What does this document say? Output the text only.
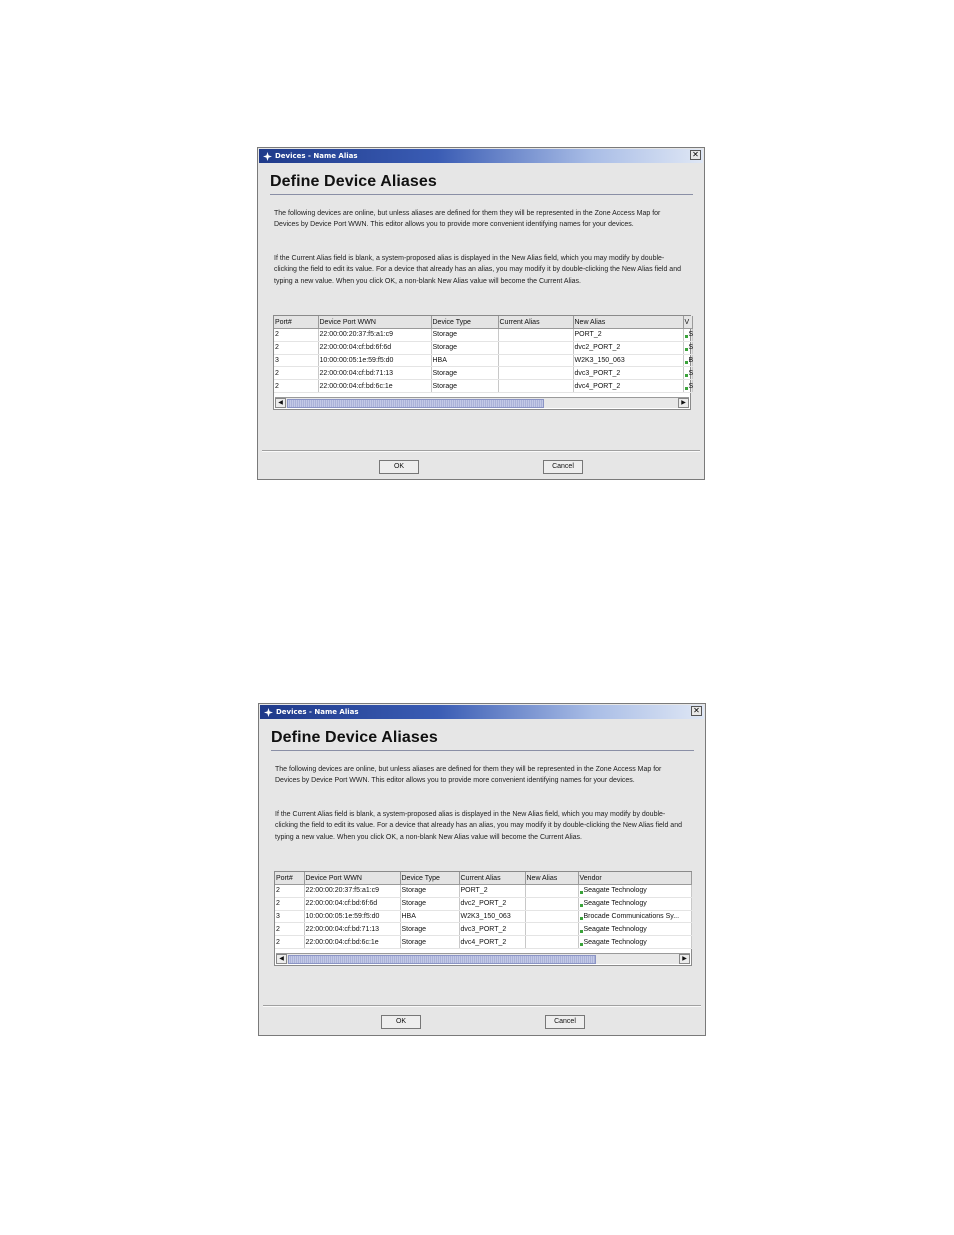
Devices - Name Alias	✕
Define Device Aliases
The following devices are online, but unless aliases are defined for them they will be represented in the Zone Access Map for Devices by Device Port WWN. This editor allows you to provide more convenient identifying names for your devices.
If the Current Alias field is blank, a system-proposed alias is displayed in the New Alias field, which you may modify by double-clicking the field to edit its value. For a device that already has an alias, you may modify it by double-clicking the New Alias field and typing a new value. When you click OK, a non-blank New Alias value will become the Current Alias.
Port#	Device Port WWN	Device Type	Current Alias	New Alias	V
2	22:00:00:20:37:f5:a1:c9	Storage		PORT_2	S
2	22:00:00:04:cf:bd:6f:6d	Storage		dvc2_PORT_2	S
3	10:00:00:05:1e:59:f5:d0	HBA		W2K3_150_063	B
2	22:00:00:04:cf:bd:71:13	Storage		dvc3_PORT_2	S
2	22:00:00:04:cf:bd:6c:1e	Storage		dvc4_PORT_2	S
◀	▶
OK	Cancel
Devices - Name Alias	✕
Define Device Aliases
The following devices are online, but unless aliases are defined for them they will be represented in the Zone Access Map for Devices by Device Port WWN. This editor allows you to provide more convenient identifying names for your devices.
If the Current Alias field is blank, a system-proposed alias is displayed in the New Alias field, which you may modify by double-clicking the field to edit its value. For a device that already has an alias, you may modify it by double-clicking the New Alias field and typing a new value. When you click OK, a non-blank New Alias value will become the Current Alias.
Port#	Device Port WWN	Device Type	Current Alias	New Alias	Vendor
2	22:00:00:20:37:f5:a1:c9	Storage	PORT_2		Seagate Technology
2	22:00:00:04:cf:bd:6f:6d	Storage	dvc2_PORT_2		Seagate Technology
3	10:00:00:05:1e:59:f5:d0	HBA	W2K3_150_063		Brocade Communications Sy...
2	22:00:00:04:cf:bd:71:13	Storage	dvc3_PORT_2		Seagate Technology
2	22:00:00:04:cf:bd:6c:1e	Storage	dvc4_PORT_2		Seagate Technology
◀	▶
OK	Cancel
